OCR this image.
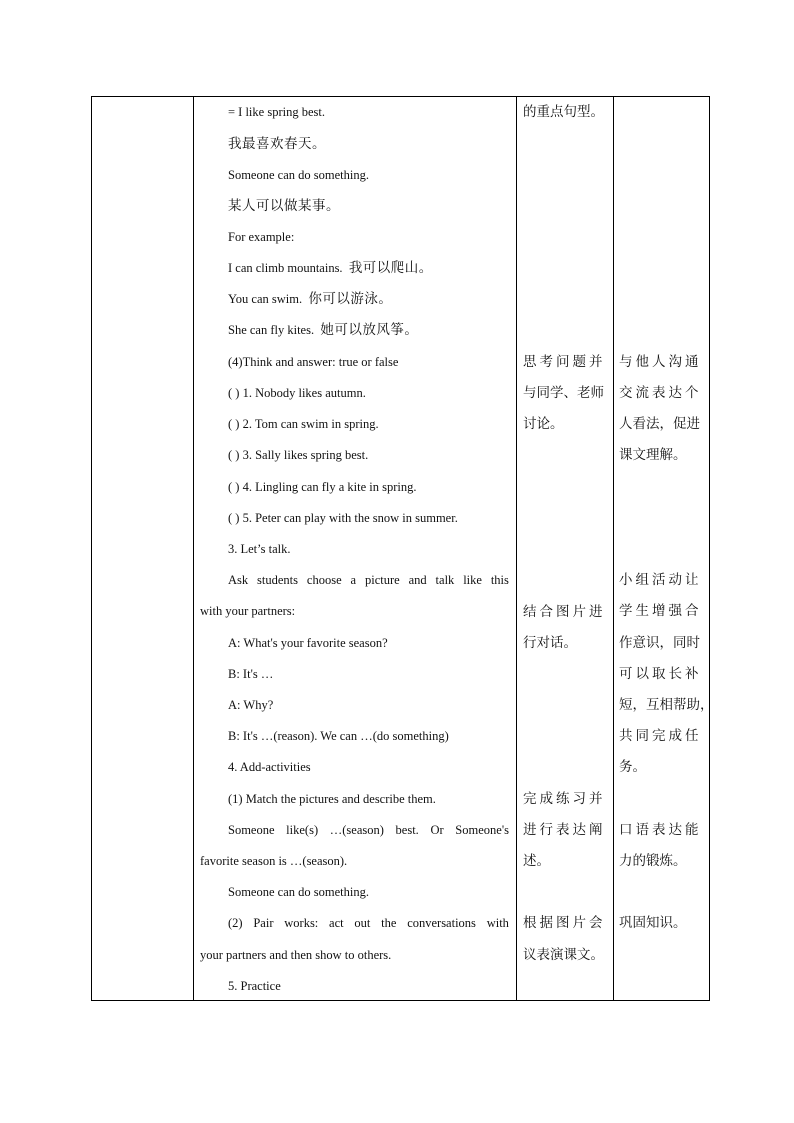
= I like spring best.
我最喜欢春天。
Someone can do something.
某人可以做某事。
For example:
I can climb mountains. 我可以爬山。
You can swim. 你可以游泳。
She can fly kites. 她可以放风筝。
(4)Think and answer: true or false
( ) 1. Nobody likes autumn.
( ) 2. Tom can swim in spring.
( ) 3. Sally likes spring best.
( ) 4. Lingling can fly a kite in spring.
( ) 5. Peter can play with the snow in summer.
3. Let’s talk.
Ask students choose a picture and talk like this
with your partners:
A: What's your favorite season?
B: It's …
A: Why?
B: It's …(reason). We can …(do something)
4. Add-activities
(1) Match the pictures and describe them.
Someone like(s) …(season) best. Or Someone's
favorite season is …(season).
Someone can do something.
(2) Pair works: act out the conversations with
your partners and then show to others.
5. Practice
的重点句型。
思考问题并
与同学、老师
讨论。
结合图片进
行对话。
完成练习并
进行表达阐
述。
根据图片会
议表演课文。
与他人沟通
交流表达个
人看法，促进
课文理解。
小组活动让
学生增强合
作意识，同时
可以取长补
短，互相帮助，
共同完成任
务。
口语表达能
力的锻炼。
巩固知识。
